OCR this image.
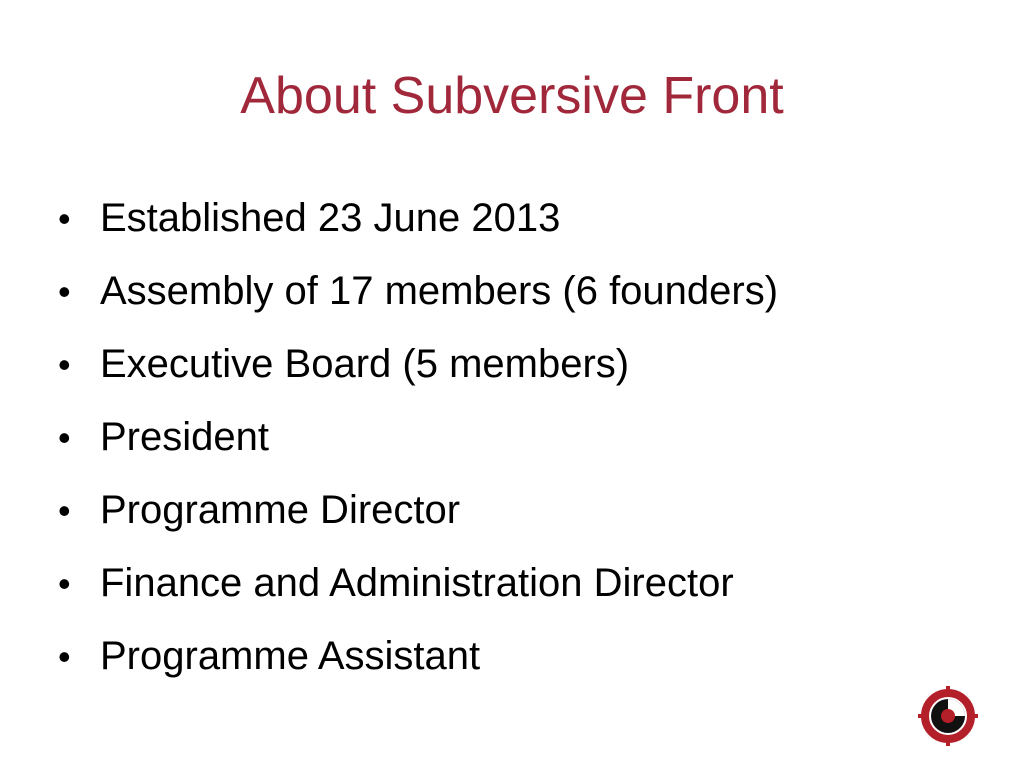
About Subversive Front
• Established 23 June 2013
• Assembly of 17 members (6 founders)
• Executive Board (5 members)
• President
• Programme Director
• Finance and Administration Director
• Programme Assistant
